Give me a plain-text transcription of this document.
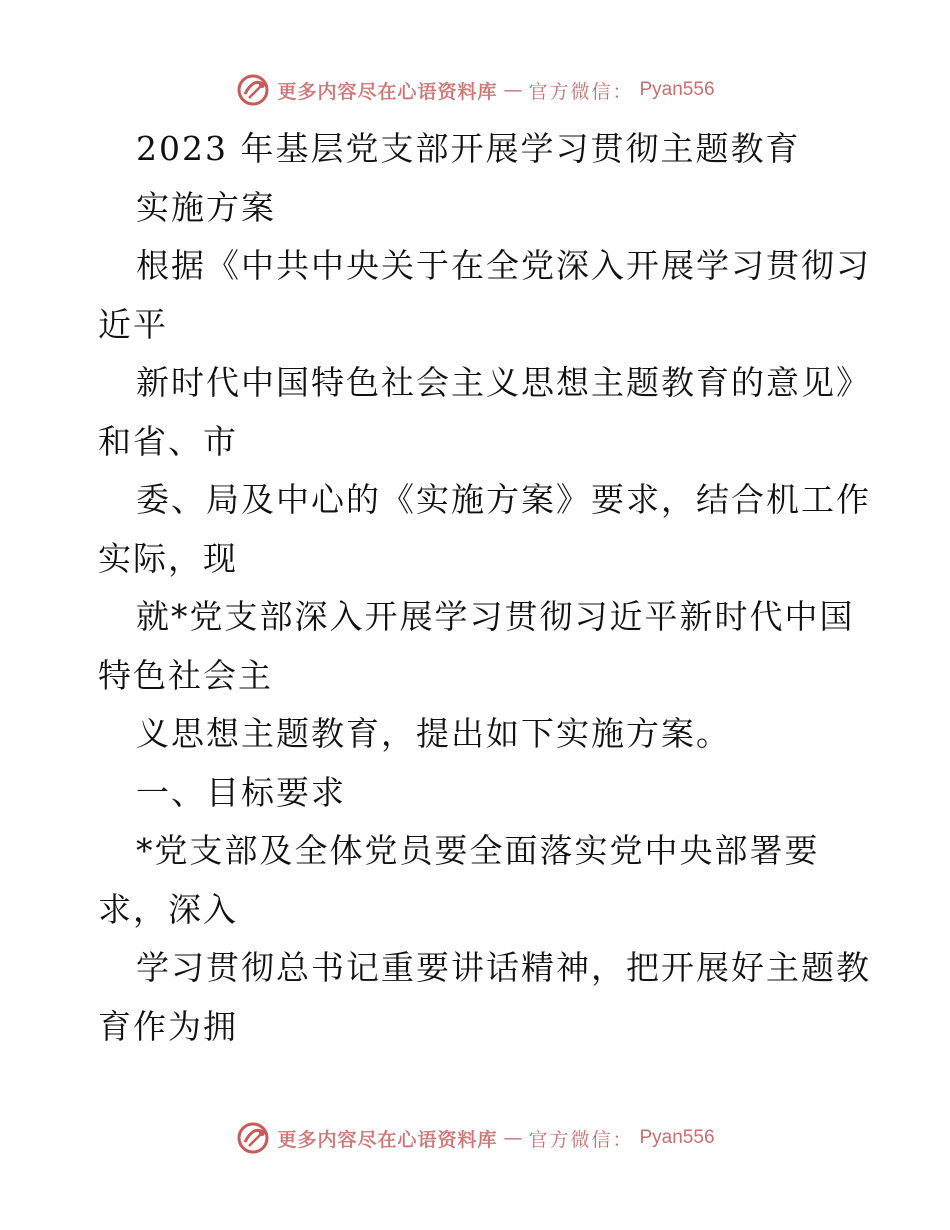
更多内容尽在心语资料库 — 官方微信： Pyan556
2023 年基层党支部开展学习贯彻主题教育
实施方案
根据《中共中央关于在全党深入开展学习贯彻习
近平
新时代中国特色社会主义思想主题教育的意见》
和省、市
委、局及中心的《实施方案》要求，结合机工作
实际，现
就*党支部深入开展学习贯彻习近平新时代中国
特色社会主
义思想主题教育，提出如下实施方案。
一、目标要求
*党支部及全体党员要全面落实党中央部署要
求，深入
学习贯彻总书记重要讲话精神，把开展好主题教
育作为拥
更多内容尽在心语资料库 — 官方微信： Pyan556
